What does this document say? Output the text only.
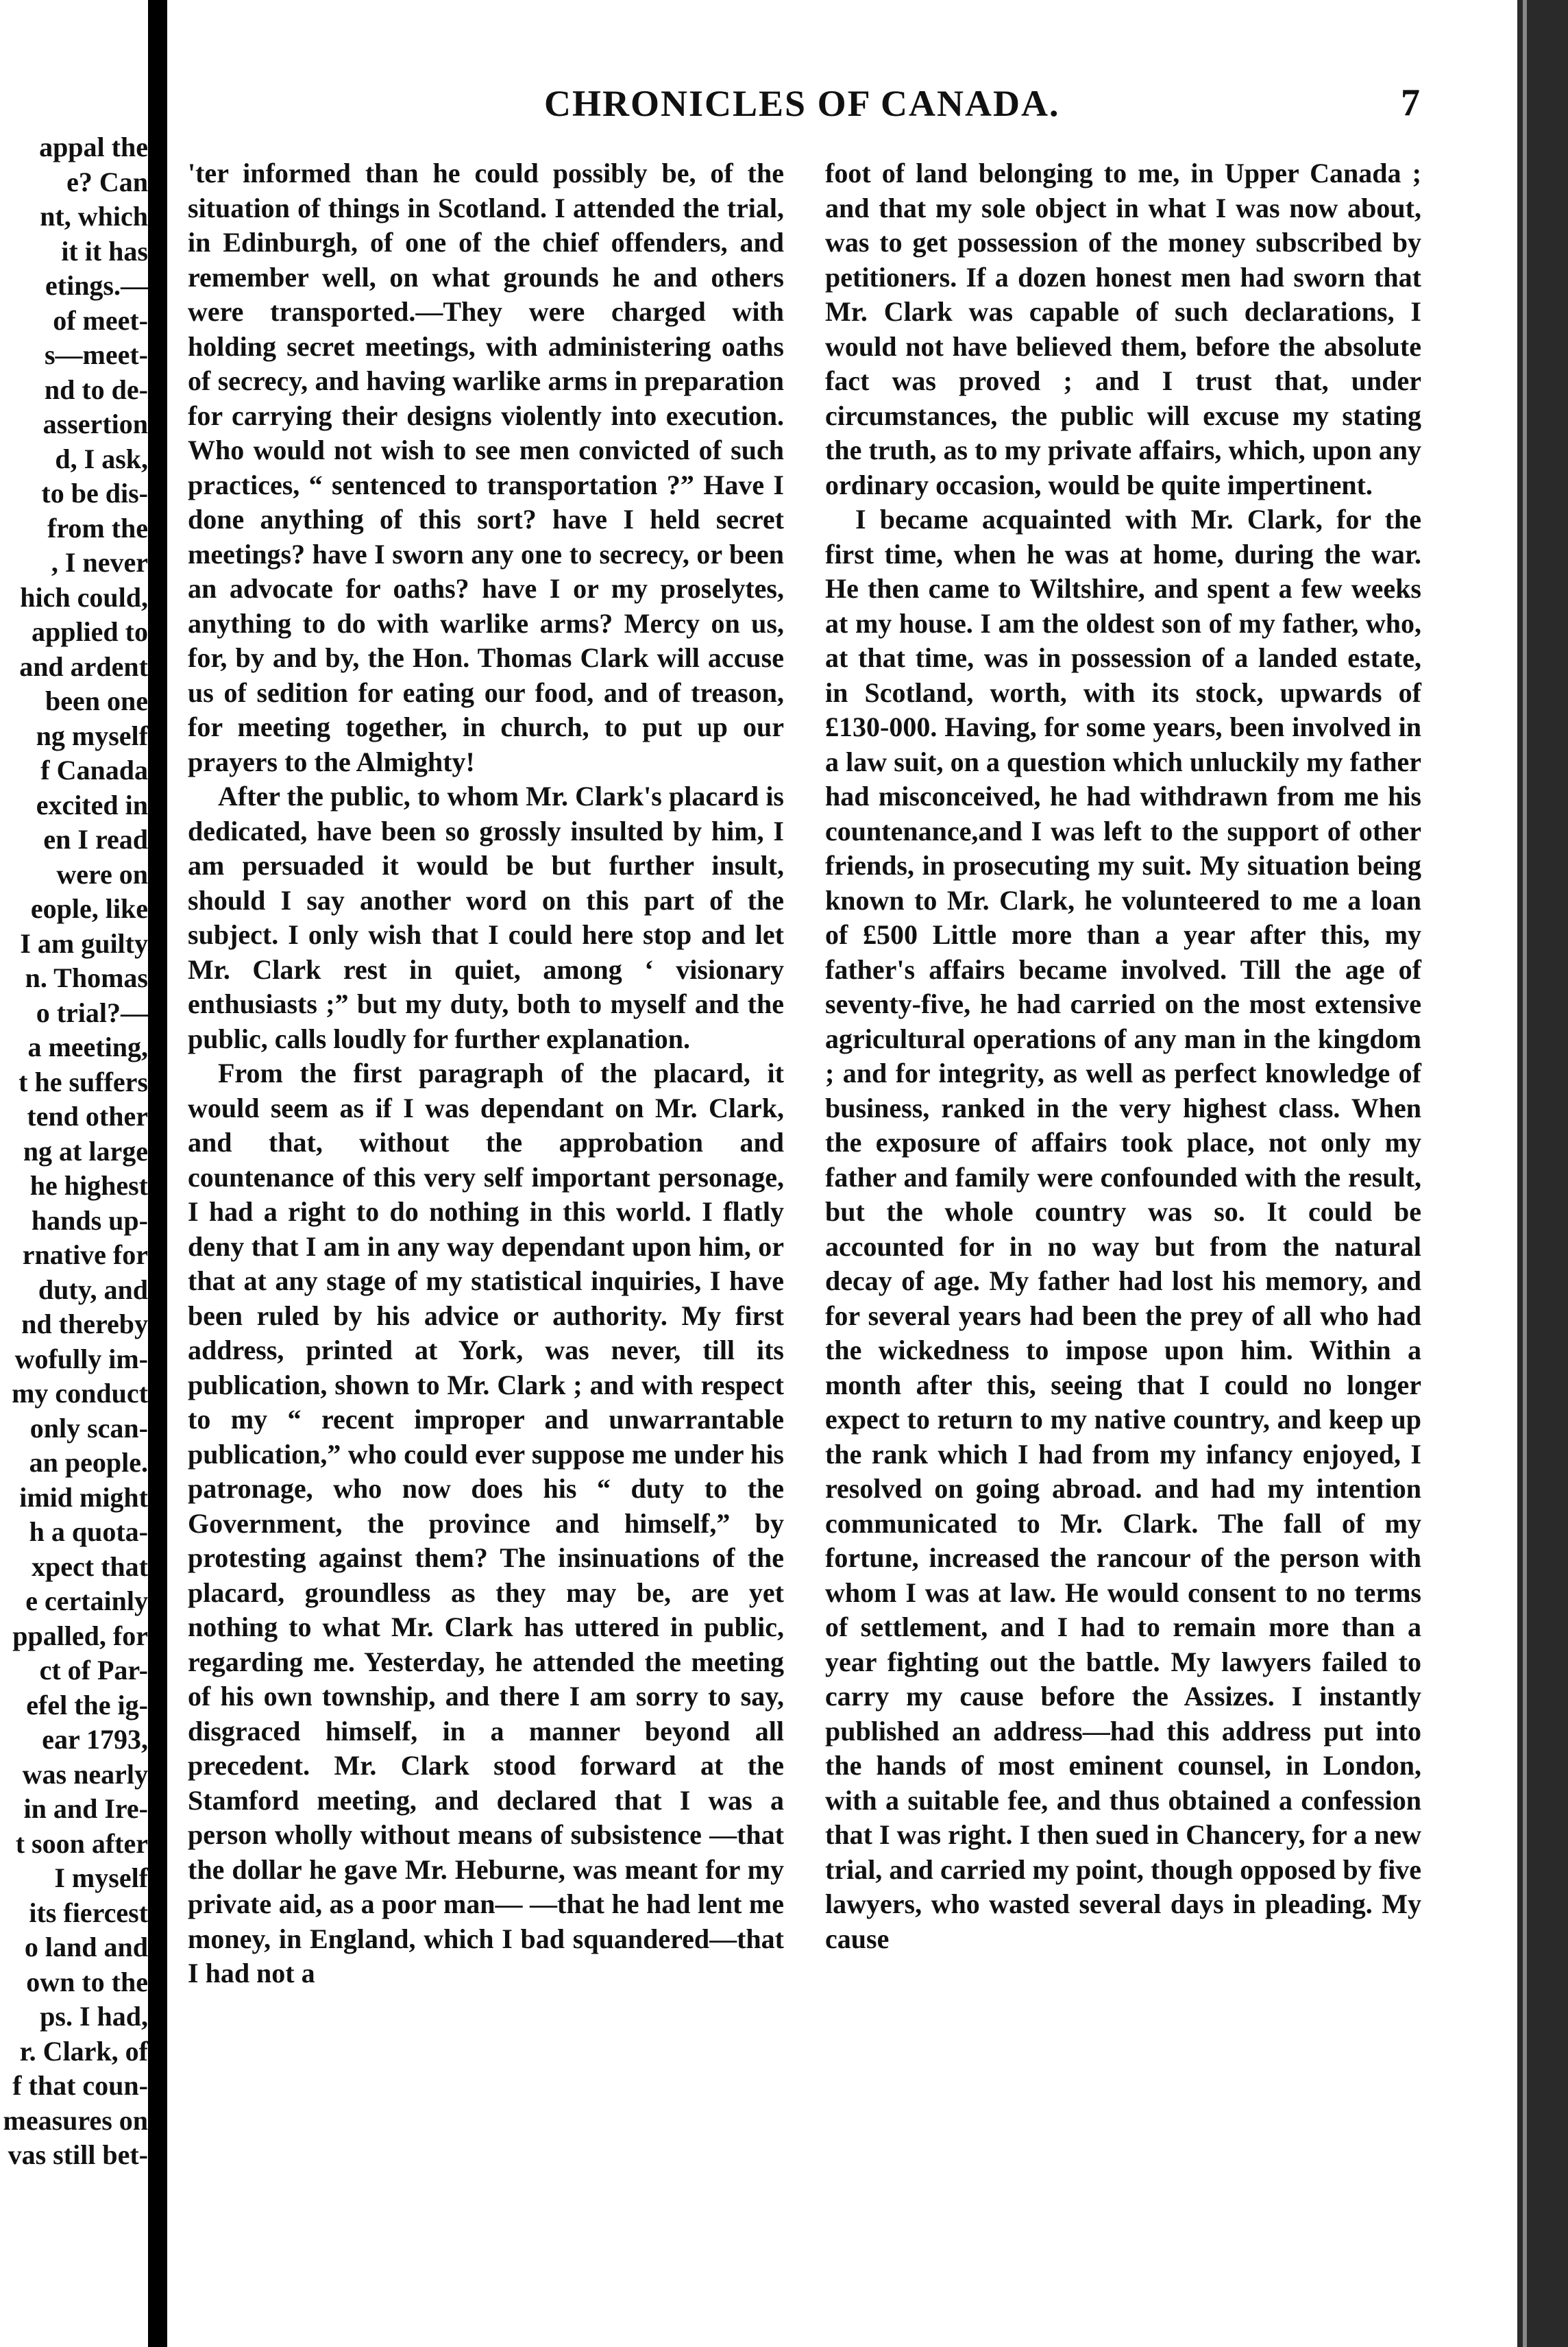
appal the
e? Can
nt, which
it it has
etings.—
of meet-
s—meet-
nd to de-
assertion
d, I ask,
to be dis-
from the
, I never
hich could,
applied to
and ardent
been one
ng myself
f Canada
excited in
en I read
were on
eople, like
I am guilty
n. Thomas
o trial?—
a meeting,
t he suffers
tend other
ng at large
he highest
hands up-
rnative for
duty, and
nd thereby
wofully im-
my conduct
only scan-
an people.
imid might
h a quota-
xpect that
e certainly
ppalled, for
ct of Par-
efel the ig-
ear 1793,
was nearly
in and Ire-
t soon after
I myself
its fiercest
o land and
own to the
ps. I had,
r. Clark, of
f that coun-
measures on
vas still bet-
CHRONICLES OF CANADA.	7

'ter informed than he could possibly be, of the situation of things in Scotland. I attended the trial, in Edinburgh, of one of the chief offenders, and remember well, on what grounds he and others were transported.—They were charged with holding secret meetings, with administering oaths of secrecy, and having warlike arms in preparation for carrying their designs violently into execution. Who would not wish to see men convicted of such practices, “ sentenced to transportation ?” Have I done anything of this sort? have I held secret meetings? have I sworn any one to secrecy, or been an advocate for oaths? have I or my proselytes, anything to do with warlike arms? Mercy on us, for, by and by, the Hon. Thomas Clark will accuse us of sedition for eating our food, and of treason, for meeting together, in church, to put up our prayers to the Almighty!

After the public, to whom Mr. Clark's placard is dedicated, have been so grossly insulted by him, I am persuaded it would be but further insult, should I say another word on this part of the subject. I only wish that I could here stop and let Mr. Clark rest in quiet, among ‘ visionary enthusiasts ;” but my duty, both to myself and the public, calls loudly for further explanation.

From the first paragraph of the placard, it would seem as if I was dependant on Mr. Clark, and that, without the approbation and countenance of this very self important personage, I had a right to do nothing in this world. I flatly deny that I am in any way dependant upon him, or that at any stage of my statistical inquiries, I have been ruled by his advice or authority. My first address, printed at York, was never, till its publication, shown to Mr. Clark ; and with respect to my “ recent improper and unwarrantable publication,” who could ever suppose me under his patronage, who now does his “ duty to the Government, the province and himself,” by protesting against them? The insinuations of the placard, groundless as they may be, are yet nothing to what Mr. Clark has uttered in public, regarding me. Yesterday, he attended the meeting of his own township, and there I am sorry to say, disgraced himself, in a manner beyond all precedent. Mr. Clark stood forward at the Stamford meeting, and declared that I was a person wholly without means of subsistence —that the dollar he gave Mr. Heburne, was meant for my private aid, as a poor man— —that he had lent me money, in England, which I bad squandered—that I had not a

foot of land belonging to me, in Upper Canada ; and that my sole object in what I was now about, was to get possession of the money subscribed by petitioners. If a dozen honest men had sworn that Mr. Clark was capable of such declarations, I would not have believed them, before the absolute fact was proved ; and I trust that, under circumstances, the public will excuse my stating the truth, as to my private affairs, which, upon any ordinary occasion, would be quite impertinent.

I became acquainted with Mr. Clark, for the first time, when he was at home, during the war. He then came to Wiltshire, and spent a few weeks at my house. I am the oldest son of my father, who, at that time, was in possession of a landed estate, in Scotland, worth, with its stock, upwards of £130-000. Having, for some years, been involved in a law suit, on a question which unluckily my father had misconceived, he had withdrawn from me his countenance,and I was left to the support of other friends, in prosecuting my suit. My situation being known to Mr. Clark, he volunteered to me a loan of £500 Little more than a year after this, my father's affairs became involved. Till the age of seventy-five, he had carried on the most extensive agricultural operations of any man in the kingdom ; and for integrity, as well as perfect knowledge of business, ranked in the very highest class. When the exposure of affairs took place, not only my father and family were confounded with the result, but the whole country was so. It could be accounted for in no way but from the natural decay of age. My father had lost his memory, and for several years had been the prey of all who had the wickedness to impose upon him. Within a month after this, seeing that I could no longer expect to return to my native country, and keep up the rank which I had from my infancy enjoyed, I resolved on going abroad. and had my intention communicated to Mr. Clark. The fall of my fortune, increased the rancour of the person with whom I was at law. He would consent to no terms of settlement, and I had to remain more than a year fighting out the battle. My lawyers failed to carry my cause before the Assizes. I instantly published an address—had this address put into the hands of most eminent counsel, in London, with a suitable fee, and thus obtained a confession that I was right. I then sued in Chancery, for a new trial, and carried my point, though opposed by five lawyers, who wasted several days in pleading. My cause
